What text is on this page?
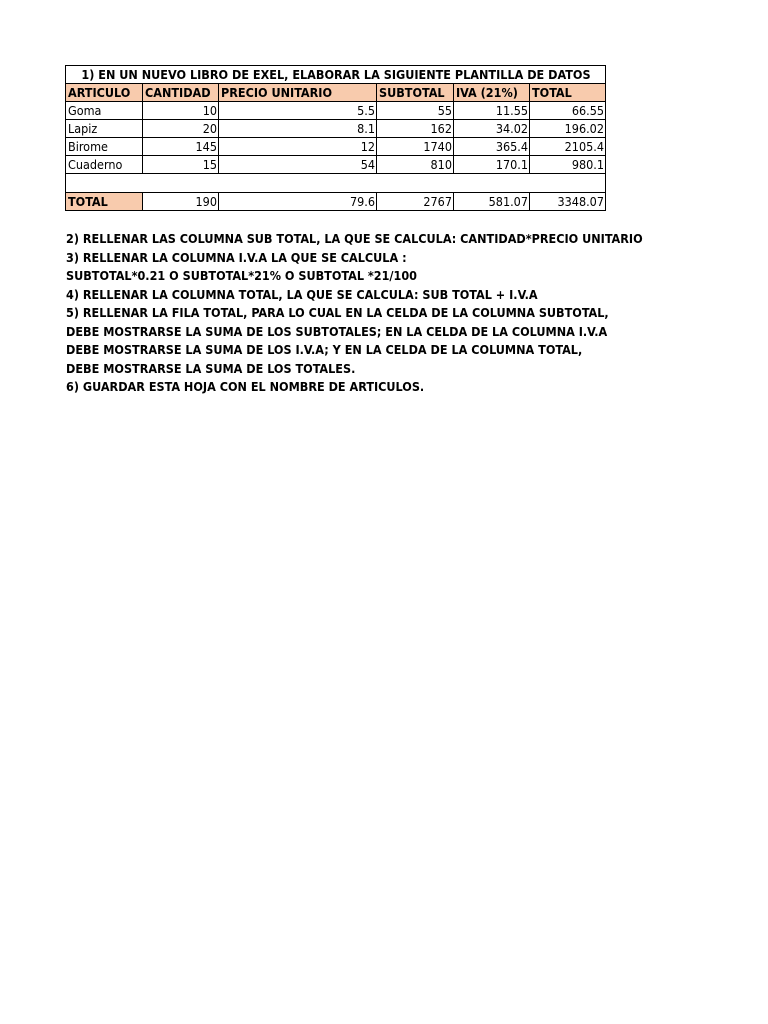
1) EN UN NUEVO LIBRO DE EXEL, ELABORAR LA SIGUIENTE PLANTILLA DE DATOS					
ARTICULO	CANTIDAD	PRECIO UNITARIO	SUBTOTAL	IVA (21%)	TOTAL
Goma	10	5.5	55	11.55	66.55
Lapiz	20	8.1	162	34.02	196.02
Birome	145	12	1740	365.4	2105.4
Cuaderno	15	54	810	170.1	980.1

TOTAL	190	79.6	2767	581.07	3348.07
2) RELLENAR LAS COLUMNA SUB TOTAL, LA QUE SE CALCULA: CANTIDAD*PRECIO UNITARIO
3) RELLENAR LA COLUMNA I.V.A LA QUE SE CALCULA :
SUBTOTAL*0.21 O SUBTOTAL*21% O SUBTOTAL *21/100
4) RELLENAR LA COLUMNA TOTAL, LA QUE SE CALCULA: SUB TOTAL + I.V.A
5) RELLENAR LA FILA TOTAL, PARA LO CUAL EN LA CELDA DE LA COLUMNA SUBTOTAL,
DEBE MOSTRARSE LA SUMA DE LOS SUBTOTALES; EN LA CELDA DE LA COLUMNA I.V.A
DEBE MOSTRARSE LA SUMA DE LOS I.V.A; Y EN LA CELDA DE LA COLUMNA TOTAL,
DEBE MOSTRARSE LA SUMA DE LOS TOTALES.
6) GUARDAR ESTA HOJA CON EL NOMBRE DE ARTICULOS.
